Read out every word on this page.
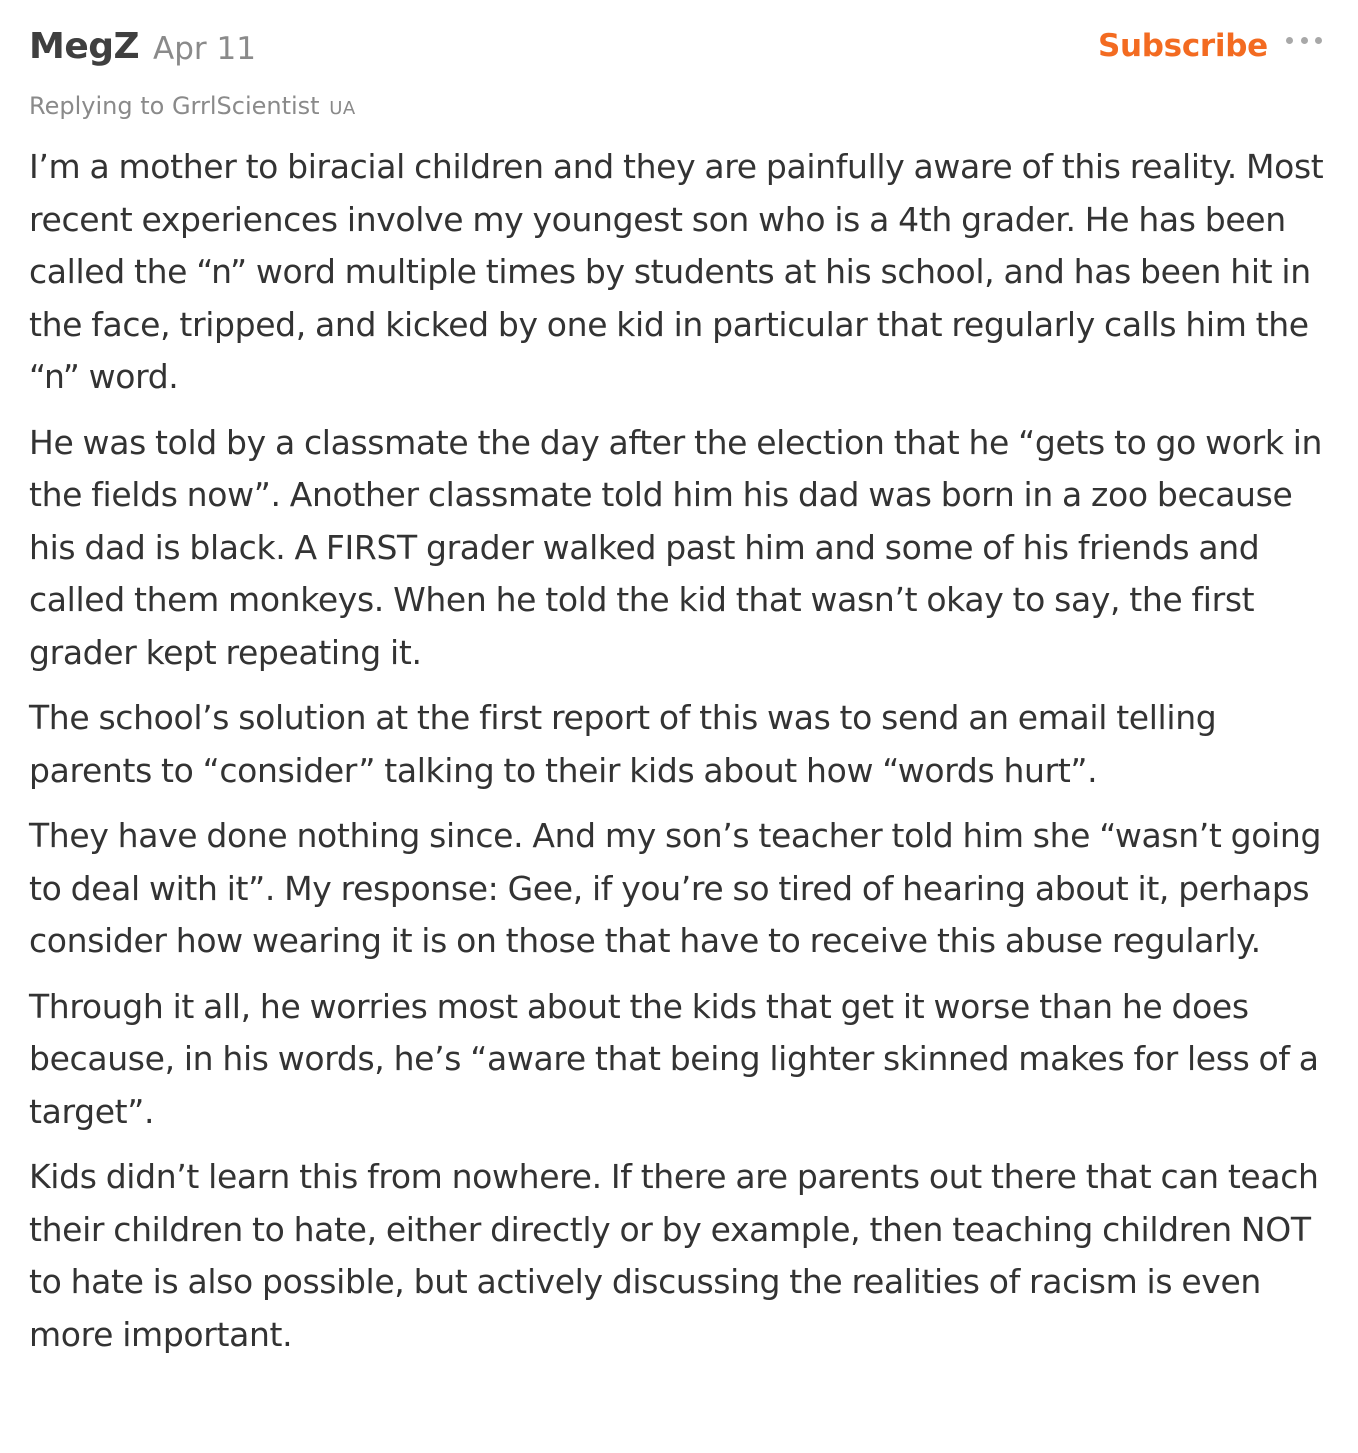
MegZ Apr 11	Subscribe
Replying to GrrlScientist UA

I’m a mother to biracial children and they are painfully aware of this reality. Most recent experiences involve my youngest son who is a 4th grader. He has been called the “n” word multiple times by students at his school, and has been hit in the face, tripped, and kicked by one kid in particular that regularly calls him the “n” word.

He was told by a classmate the day after the election that he “gets to go work in the fields now”. Another classmate told him his dad was born in a zoo because his dad is black. A FIRST grader walked past him and some of his friends and called them monkeys. When he told the kid that wasn’t okay to say, the first grader kept repeating it.

The school’s solution at the first report of this was to send an email telling parents to “consider” talking to their kids about how “words hurt”.

They have done nothing since. And my son’s teacher told him she “wasn’t going to deal with it”. My response: Gee, if you’re so tired of hearing about it, perhaps consider how wearing it is on those that have to receive this abuse regularly.

Through it all, he worries most about the kids that get it worse than he does because, in his words, he’s “aware that being lighter skinned makes for less of a target”.

Kids didn’t learn this from nowhere. If there are parents out there that can teach their children to hate, either directly or by example, then teaching children NOT to hate is also possible, but actively discussing the realities of racism is even more important.
